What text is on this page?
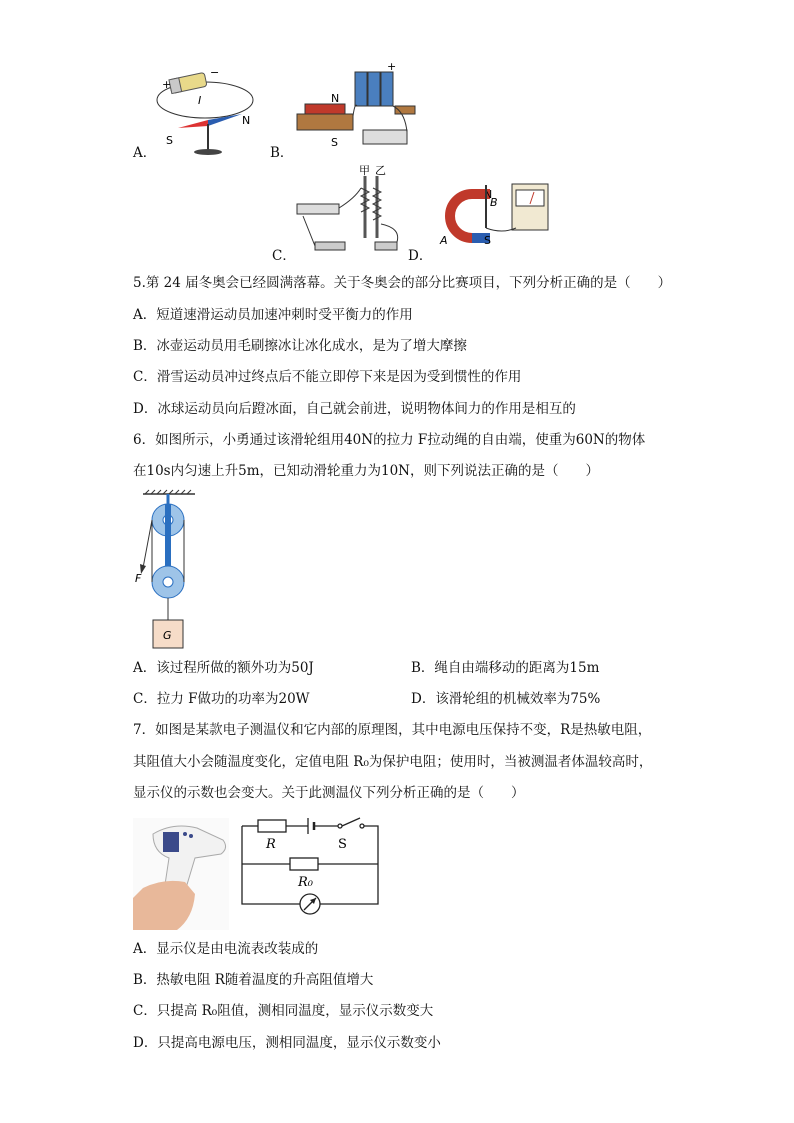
A．	B．
+
−
I
S
N
+
N
S
C．	D．
甲 乙
N
S
A
B
5.第 24 届冬奥会已经圆满落幕。关于冬奥会的部分比赛项目，下列分析正确的是（　　）
A．短道速滑运动员加速冲刺时受平衡力的作用
B．冰壶运动员用毛刷擦冰让冰化成水，是为了增大摩擦
C．滑雪运动员冲过终点后不能立即停下来是因为受到惯性的作用
D．冰球运动员向后蹬冰面，自己就会前进，说明物体间力的作用是相互的
6．如图所示，小勇通过该滑轮组用40N的拉力 F拉动绳的自由端，使重为60N的物体
在10s内匀速上升5m，已知动滑轮重力为10N，则下列说法正确的是（　　）
F
G
A．该过程所做的额外功为50J	B．绳自由端移动的距离为15m
C．拉力 F做功的功率为20W	D．该滑轮组的机械效率为75%
7．如图是某款电子测温仪和它内部的原理图，其中电源电压保持不变，R是热敏电阻，
其阻值大小会随温度变化，定值电阻 R₀为保护电阻；使用时，当被测温者体温较高时，
显示仪的示数也会变大。关于此测温仪下列分析正确的是（　　）
R	S
R₀
A．显示仪是由电流表改装成的
B．热敏电阻 R随着温度的升高阻值增大
C．只提高 R₀阻值，测相同温度，显示仪示数变大
D．只提高电源电压，测相同温度，显示仪示数变小
